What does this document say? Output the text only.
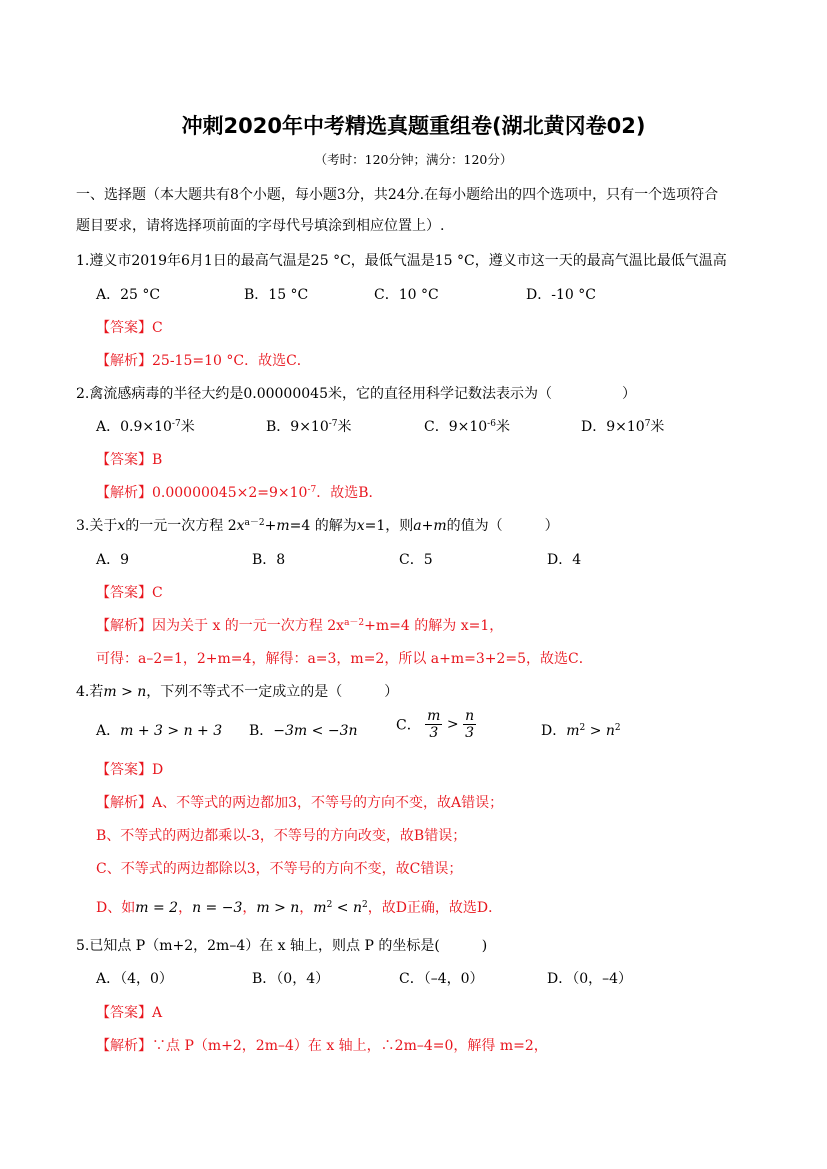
冲刺2020年中考精选真题重组卷(湖北黄冈卷02)
（考时：120分钟；满分：120分）
一、选择题（本大题共有8个小题，每小题3分，共24分.在每小题给出的四个选项中，只有一个选项符合
题目要求，请将选择项前面的字母代号填涂到相应位置上）.
1.遵义市2019年6月1日的最高气温是25 °C，最低气温是15 °C，遵义市这一天的最高气温比最低气温高
A．25 °C	B．15 °C	C．10 °C	D．-10 °C
【答案】C
【解析】25-15=10 °C．故选C．
2.禽流感病毒的半径大约是0.00000045米，它的直径用科学记数法表示为（　　　　　）
A．$0.9\times 10^{-7}$米	B．$9\times 10^{-7}$米	C．$9\times 10^{-6}$米	D．$9\times 10^7$米
【答案】B
【解析】$0.00000045\times 2=9\times 10^{-7}$．故选B．
3.关于x的一元一次方程 $2x^{a-2}+m=4$ 的解为x=1，则a+m的值为（　　　）
A．9	B．8	C．5	D．4
【答案】C
【解析】因为关于 x 的一元一次方程 $2x^{a-2}+m=4$ 的解为 x=1，
可得：a–2=1，2+m=4，解得：a=3，m=2，所以 a+m=3+2=5，故选C．
4.若m > n，下列不等式不一定成立的是（　　　）
A．m + 3 > n + 3 B．−3m < −3n	C． $\frac{m}{3} > \frac{n}{3}$	D．$m^2 > n^2$
【答案】D
【解析】A、不等式的两边都加3，不等号的方向不变，故A错误；
B、不等式的两边都乘以-3，不等号的方向改变，故B错误；
C、不等式的两边都除以3，不等号的方向不变，故C错误；
D、如m = 2，n = −3，m > n，$m^2 < n^2$，故D正确，故选D．
5.已知点 P（m+2，2m–4）在 x 轴上，则点 P 的坐标是(　　　)
A．（4，0）	B．（0，4）	C．（–4，0）	D．（0，–4）
【答案】A
【解析】∵点 P（m+2，2m–4）在 x 轴上，∴2m–4=0，解得 m=2，
